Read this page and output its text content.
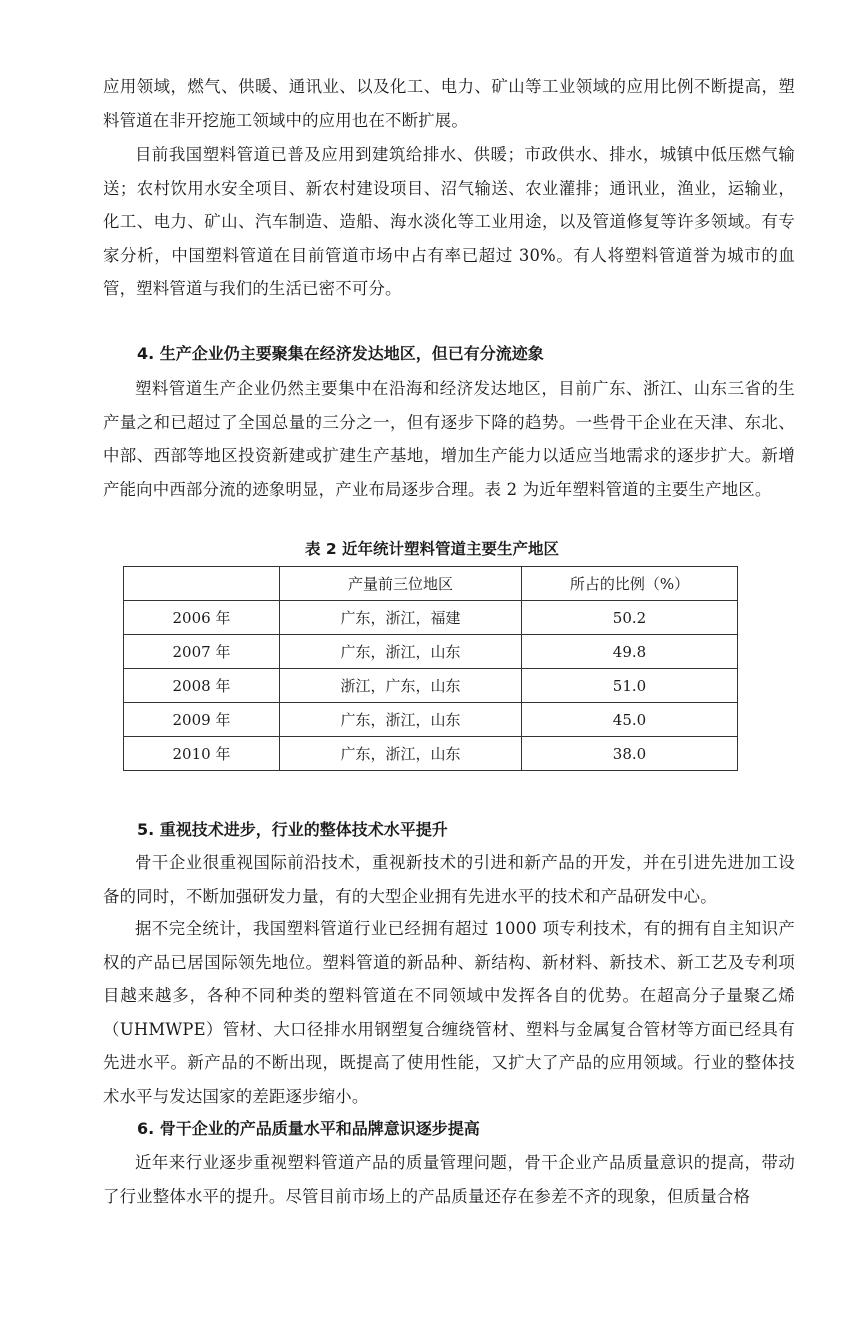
应用领域，燃气、供暖、通讯业、以及化工、电力、矿山等工业领域的应用比例不断提高，塑料管道在非开挖施工领域中的应用也在不断扩展。

目前我国塑料管道已普及应用到建筑给排水、供暖；市政供水、排水，城镇中低压燃气输送；农村饮用水安全项目、新农村建设项目、沼气输送、农业灌排；通讯业，渔业，运输业，化工、电力、矿山、汽车制造、造船、海水淡化等工业用途，以及管道修复等许多领域。有专家分析，中国塑料管道在目前管道市场中占有率已超过 30%。有人将塑料管道誉为城市的血管，塑料管道与我们的生活已密不可分。

4. 生产企业仍主要聚集在经济发达地区，但已有分流迹象

塑料管道生产企业仍然主要集中在沿海和经济发达地区，目前广东、浙江、山东三省的生产量之和已超过了全国总量的三分之一，但有逐步下降的趋势。一些骨干企业在天津、东北、中部、西部等地区投资新建或扩建生产基地，增加生产能力以适应当地需求的逐步扩大。新增产能向中西部分流的迹象明显，产业布局逐步合理。表 2 为近年塑料管道的主要生产地区。

表 2 近年统计塑料管道主要生产地区
	产量前三位地区	所占的比例（%）
2006 年	广东，浙江，福建	50.2
2007 年	广东，浙江，山东	49.8
2008 年	浙江，广东，山东	51.0
2009 年	广东，浙江，山东	45.0
2010 年	广东，浙江，山东	38.0
5. 重视技术进步，行业的整体技术水平提升

骨干企业很重视国际前沿技术，重视新技术的引进和新产品的开发，并在引进先进加工设备的同时，不断加强研发力量，有的大型企业拥有先进水平的技术和产品研发中心。

据不完全统计，我国塑料管道行业已经拥有超过 1000 项专利技术，有的拥有自主知识产权的产品已居国际领先地位。塑料管道的新品种、新结构、新材料、新技术、新工艺及专利项目越来越多，各种不同种类的塑料管道在不同领域中发挥各自的优势。在超高分子量聚乙烯（UHMWPE）管材、大口径排水用钢塑复合缠绕管材、塑料与金属复合管材等方面已经具有先进水平。新产品的不断出现，既提高了使用性能，又扩大了产品的应用领域。行业的整体技术水平与发达国家的差距逐步缩小。

6. 骨干企业的产品质量水平和品牌意识逐步提高

近年来行业逐步重视塑料管道产品的质量管理问题，骨干企业产品质量意识的提高，带动了行业整体水平的提升。尽管目前市场上的产品质量还存在参差不齐的现象，但质量合格
